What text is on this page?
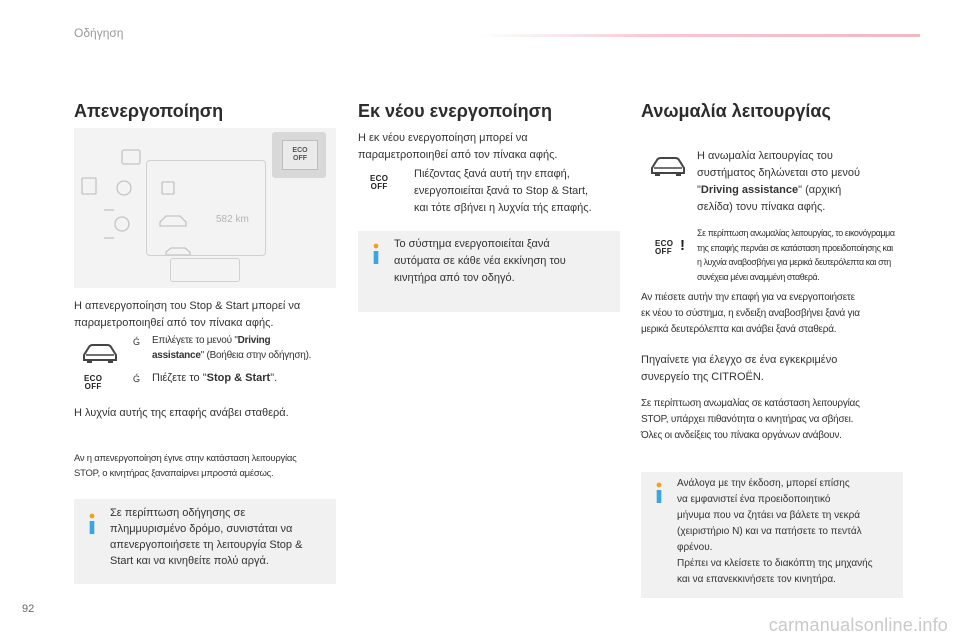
Οδήγηση
Απενεργοποίηση
ECO
OFF
582 km
Η απενεργοποίηση του Stop & Start μπορεί να
παραμετροποιηθεί από τον πίνακα αφής.
Ǵ Επιλέγετε το μενού "Driving
assistance" (Βοήθεια στην οδήγηση).
ECO
OFF
Ǵ Πιέζετε το "Stop & Start".
Η λυχνία αυτής της επαφής ανάβει σταθερά.
Αν η απενεργοποίηση έγινε στην κατάσταση λειτουργίας
STOP, ο κινητήρας ξαναπαίρνει μπροστά αμέσως.
Σε περίπτωση οδήγησης σε
πλημμυρισμένο δρόμο, συνιστάται να
απενεργοποιήσετε τη λειτουργία Stop &
Start και να κινηθείτε πολύ αργά.
Εκ νέου ενεργοποίηση
Η εκ νέου ενεργοποίηση μπορεί να
παραμετροποιηθεί από τον πίνακα αφής.
ECO
OFF
Πιέζοντας ξανά αυτή την επαφή,
ενεργοποιείται ξανά το Stop & Start,
και τότε σβήνει η λυχνία τής επαφής.
Το σύστημα ενεργοποιείται ξανά
αυτόματα σε κάθε νέα εκκίνηση του
κινητήρα από τον οδηγό.
Ανωμαλία λειτουργίας
Η ανωμαλία λειτουργίας του
συστήματος δηλώνεται στο μενού
"Driving assistance" (αρχική
σελίδα) τονυ πίνακα αφής.
ECO
OFF !
Σε περίπτωση ανωμαλίας λειτουργίας, το εικονόγραμμα
της επαφής περνάει σε κατάσταση προειδοποίησης και
η λυχνία αναβοσβήνει για μερικά δευτερόλεπτα και στη
συνέχεια μένει αναμμένη σταθερά.
Αν πιέσετε αυτήν την επαφή για να ενεργοποιήσετε
εκ νέου το σύστημα, η ενδειξη αναβοσβήνει ξανά για
μερικά δευτερόλεπτα και ανάβει ξανά σταθερά.
Πηγαίνετε για έλεγχο σε ένα εγκεκριμένο
συνεργείο της CITROËN.
Σε περίπτωση ανωμαλίας σε κατάσταση λειτουργίας
STOP, υπάρχει πιθανότητα ο κινητήρας να σβήσει.
Όλες οι ανδείξεις του πίνακα οργάνων ανάβουν.
Ανάλογα με την έκδοση, μπορεί επίσης
να εμφανιστεί ένα προειδοποιητικό
μήνυμα που να ζητάει να βάλετε τη νεκρά
(χειριστήριο N) και να πατήσετε το πεντάλ
φρένου.
Πρέπει να κλείσετε το διακόπτη της μηχανής
και να επανεκκινήσετε τον κινητήρα.
92
carmanualsonline.info
